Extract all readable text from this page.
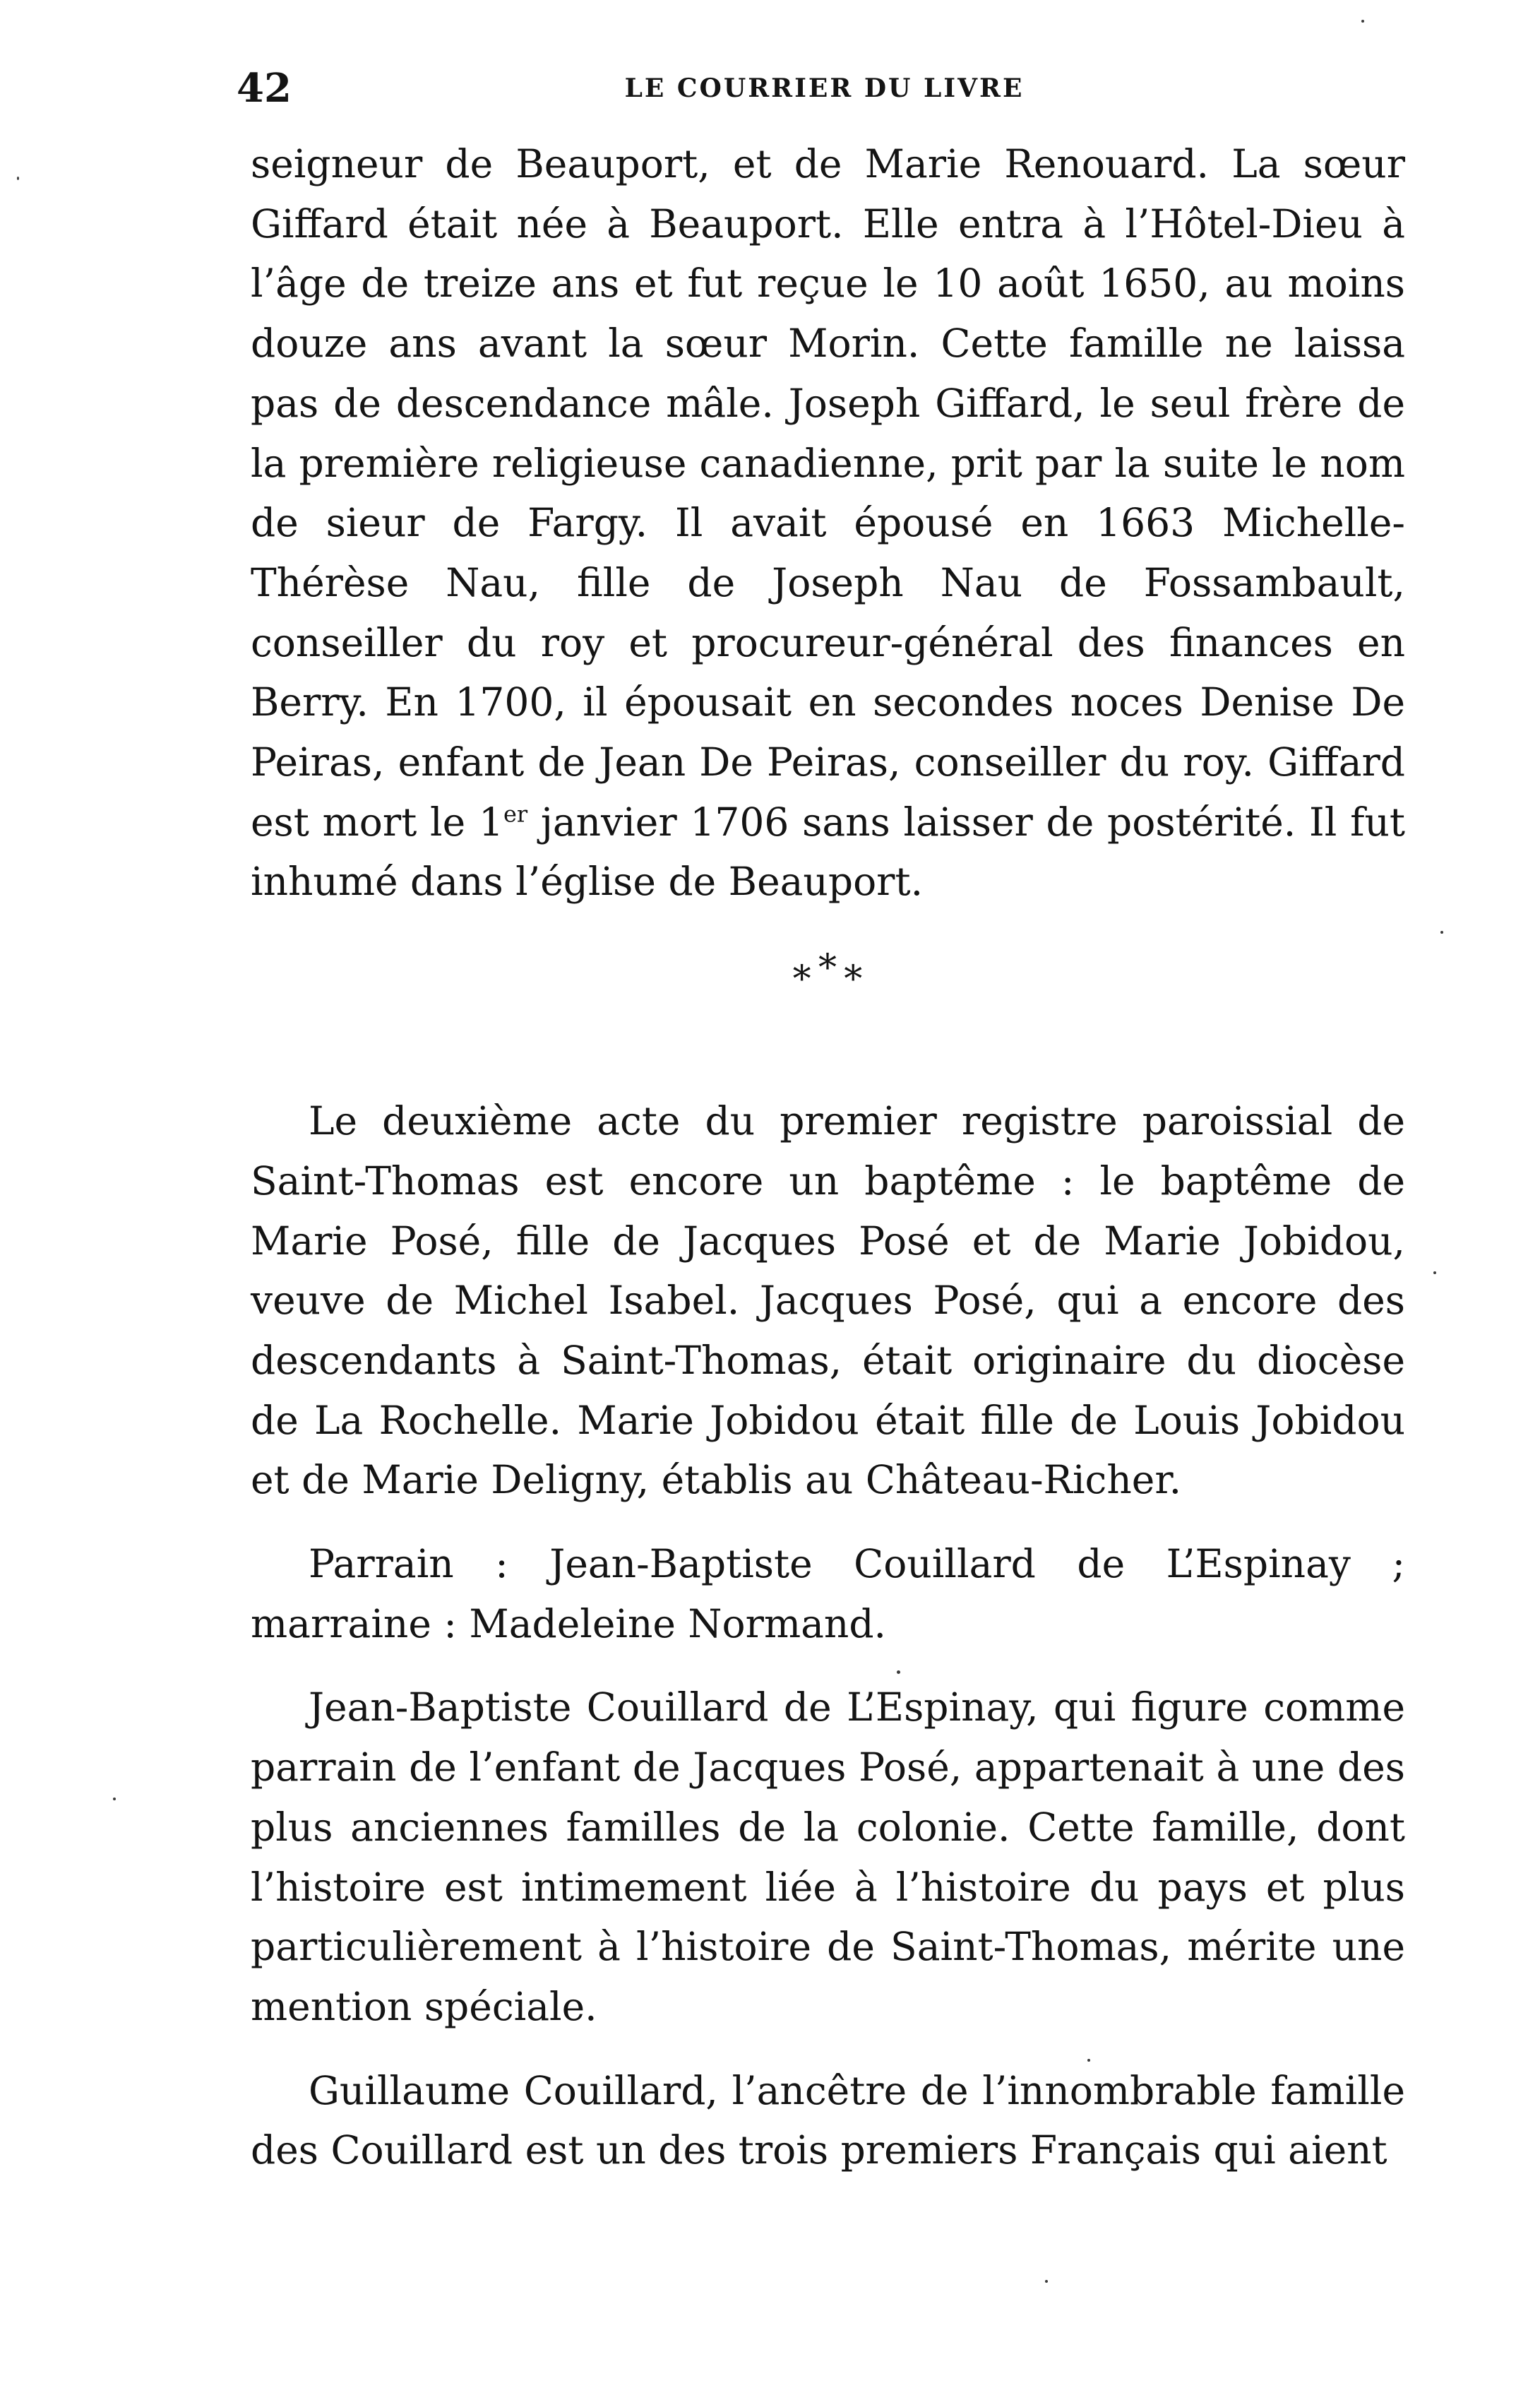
42	LE COURRIER DU LIVRE

seigneur de Beauport, et de Marie Renouard. La sœur Giffard était née à Beauport. Elle entra à l’Hôtel-Dieu à l’âge de treize ans et fut reçue le 10 août 1650, au moins douze ans avant la sœur Morin. Cette famille ne laissa pas de descendance mâle. Joseph Giffard, le seul frère de la première religieuse canadienne, prit par la suite le nom de sieur de Fargy. Il avait épousé en 1663 Michelle-Thérèse Nau, fille de Joseph Nau de Fossambault, conseiller du roy et procureur-général des finances en Berry. En 1700, il épousait en secondes noces Denise De Peiras, enfant de Jean De Peiras, conseiller du roy. Giffard est mort le 1er janvier 1706 sans laisser de postérité. Il fut inhumé dans l’église de Beauport.

∗∗∗

Le deuxième acte du premier registre paroissial de Saint-Thomas est encore un baptême : le baptême de Marie Posé, fille de Jacques Posé et de Marie Jobidou, veuve de Michel Isabel. Jacques Posé, qui a encore des descendants à Saint-Thomas, était originaire du diocèse de La Rochelle. Marie Jobidou était fille de Louis Jobidou et de Marie Deligny, établis au Château-Richer.

Parrain : Jean-Baptiste Couillard de L’Espinay ; marraine : Madeleine Normand.

Jean-Baptiste Couillard de L’Espinay, qui figure comme parrain de l’enfant de Jacques Posé, appartenait à une des plus anciennes familles de la colonie. Cette famille, dont l’histoire est intimement liée à l’histoire du pays et plus particulièrement à l’histoire de Saint-Thomas, mérite une mention spéciale.

Guillaume Couillard, l’ancêtre de l’innombrable famille des Couillard est un des trois premiers Français qui aient
